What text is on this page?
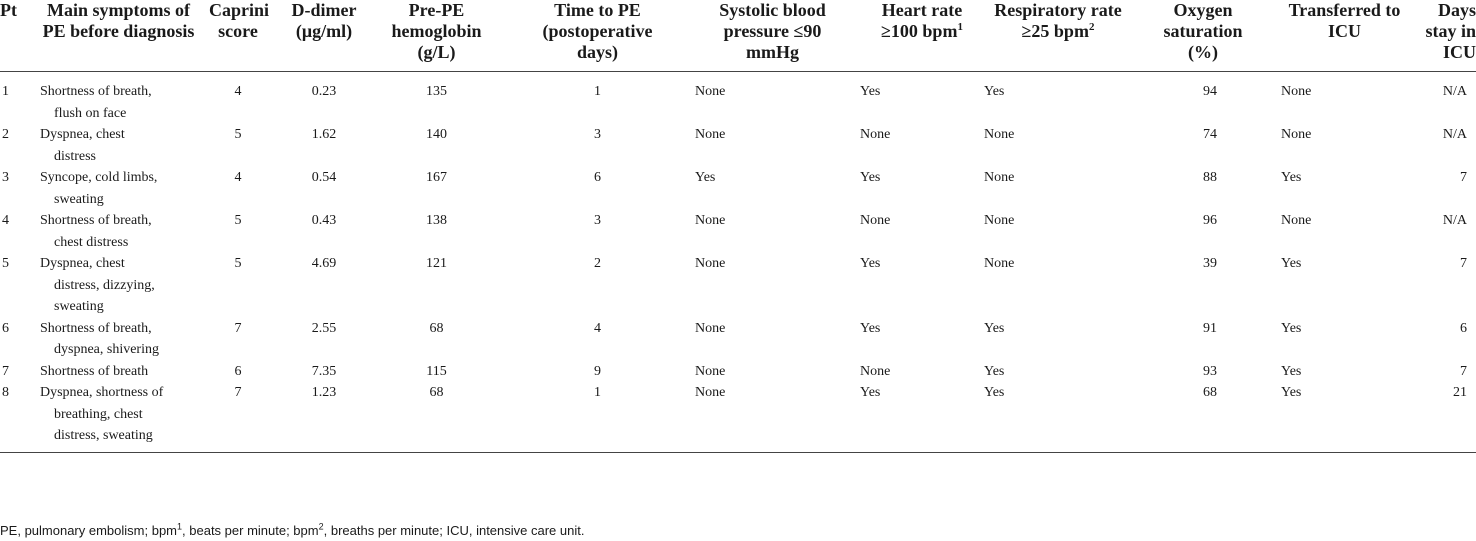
Pt	Main symptoms of PE before diagnosis	Caprini score	D-dimer (μg/ml)	Pre-PE hemoglobin (g/L)	Time to PE (postoperative days)	Systolic blood pressure ≤90 mmHg	Heart rate ≥100 bpm$^1$	Respiratory rate ≥25 bpm$^2$	Oxygen saturation (%)	Transferred to ICU	Days stay in ICU
1	Shortness of breath,
flush on face	4	0.23	135	1	None	Yes	Yes	94	None	N/A
2	Dyspnea, chest
distress	5	1.62	140	3	None	None	None	74	None	N/A
3	Syncope, cold limbs,
sweating	4	0.54	167	6	Yes	Yes	None	88	Yes	7
4	Shortness of breath,
chest distress	5	0.43	138	3	None	None	None	96	None	N/A
5	Dyspnea, chest
distress, dizzying,
sweating	5	4.69	121	2	None	Yes	None	39	Yes	7
6	Shortness of breath,
dyspnea, shivering	7	2.55	68	4	None	Yes	Yes	91	Yes	6
7	Shortness of breath	6	7.35	115	9	None	None	Yes	93	Yes	7
8	Dyspnea, shortness of
breathing, chest
distress, sweating	7	1.23	68	1	None	Yes	Yes	68	Yes	21
PE, pulmonary embolism; bpm$^1$, beats per minute; bpm$^2$, breaths per minute; ICU, intensive care unit.
